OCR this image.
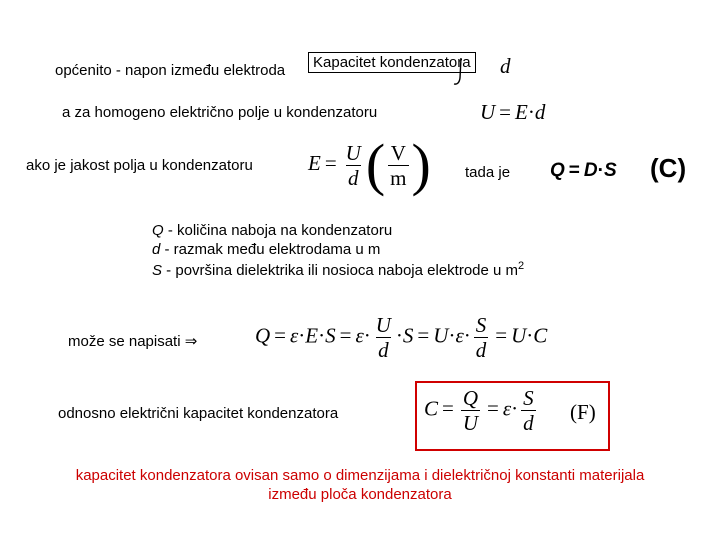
Kapacitet kondenzatora
općenito - napon između elektroda	d
a za homogeno električno polje u kondenzatoru	U = E·d
ako je jakost polja u kondenzatoru	$E = \frac{U}{d}$ ( $\frac{V}{m}$ ) tada je Q = D·S (C)
Q - količina naboja na kondenzatoru
d - razmak među elektrodama u m
S - površina dielektrika ili nosioca naboja elektrode u $m^2$
može se napisati ⇒	$Q = \varepsilon\cdot E\cdot S = \varepsilon\cdot \frac{U}{d} \cdot S = U\cdot\varepsilon\cdot \frac{S}{d} = U\cdot C$
odnosno električni kapacitet kondenzatora	$C = \frac{Q}{U} = \varepsilon\cdot \frac{S}{d} (F)$
kapacitet kondenzatora ovisan samo o dimenzijama i dielektričnoj konstanti materijala
između ploča kondenzatora
